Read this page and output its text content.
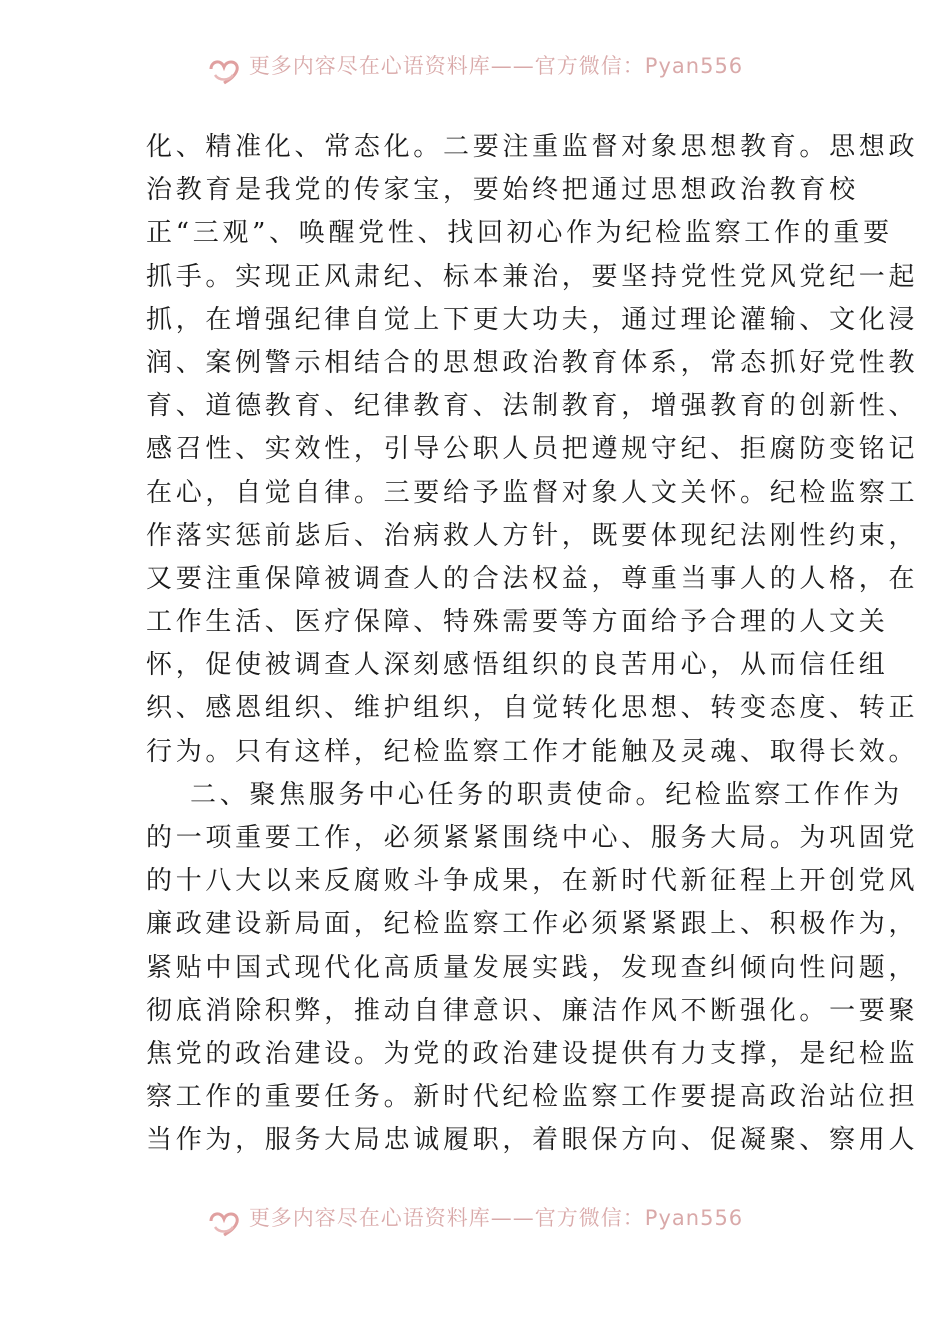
更多内容尽在心语资料库——官方微信：Pyan556
化、精准化、常态化。二要注重监督对象思想教育。思想政
治教育是我党的传家宝，要始终把通过思想政治教育校
正“三观”、唤醒党性、找回初心作为纪检监察工作的重要
抓手。实现正风肃纪、标本兼治，要坚持党性党风党纪一起
抓，在增强纪律自觉上下更大功夫，通过理论灌输、文化浸
润、案例警示相结合的思想政治教育体系，常态抓好党性教
育、道德教育、纪律教育、法制教育，增强教育的创新性、
感召性、实效性，引导公职人员把遵规守纪、拒腐防变铭记
在心，自觉自律。三要给予监督对象人文关怀。纪检监察工
作落实惩前毖后、治病救人方针，既要体现纪法刚性约束，
又要注重保障被调查人的合法权益，尊重当事人的人格，在
工作生活、医疗保障、特殊需要等方面给予合理的人文关
怀，促使被调查人深刻感悟组织的良苦用心，从而信任组
织、感恩组织、维护组织，自觉转化思想、转变态度、转正
行为。只有这样，纪检监察工作才能触及灵魂、取得长效。
二、聚焦服务中心任务的职责使命。纪检监察工作作为
的一项重要工作，必须紧紧围绕中心、服务大局。为巩固党
的十八大以来反腐败斗争成果，在新时代新征程上开创党风
廉政建设新局面，纪检监察工作必须紧紧跟上、积极作为，
紧贴中国式现代化高质量发展实践，发现查纠倾向性问题，
彻底消除积弊，推动自律意识、廉洁作风不断强化。一要聚
焦党的政治建设。为党的政治建设提供有力支撑，是纪检监
察工作的重要任务。新时代纪检监察工作要提高政治站位担
当作为，服务大局忠诚履职，着眼保方向、促凝聚、察用人
更多内容尽在心语资料库——官方微信：Pyan556
